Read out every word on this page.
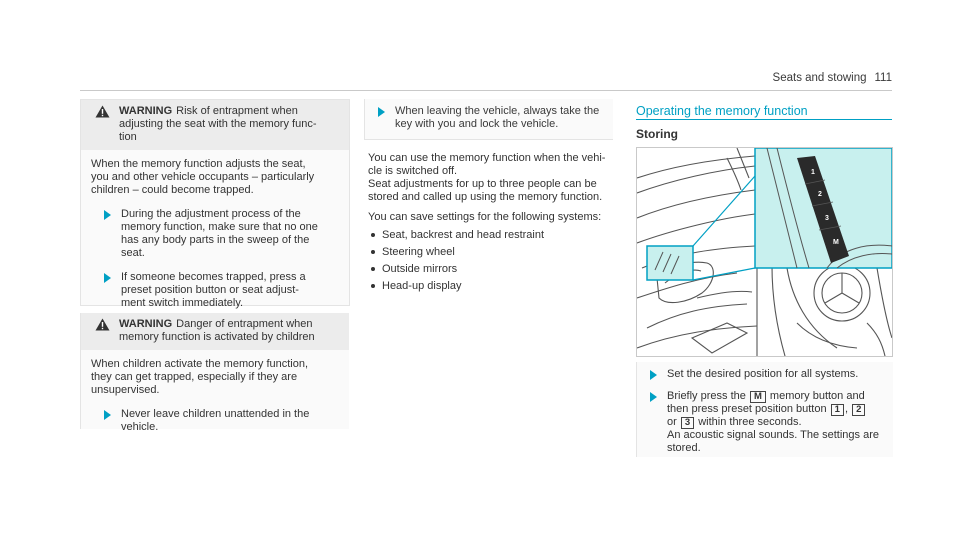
Seats and stowing 111
WARNING Risk of entrapment when
adjusting the seat with the memory func-
tion
When the memory function adjusts the seat,
you and other vehicle occupants – particularly
children – could become trapped.
During the adjustment process of the
memory function, make sure that no one
has any body parts in the sweep of the
seat.
If someone becomes trapped, press a
preset position button or seat adjust-
ment switch immediately.
WARNING Danger of entrapment when
memory function is activated by children
When children activate the memory function,
they can get trapped, especially if they are
unsupervised.
Never leave children unattended in the
vehicle.
When leaving the vehicle, always take the
key with you and lock the vehicle.

You can use the memory function when the vehi-
cle is switched off.
Seat adjustments for up to three people can be
stored and called up using the memory function.

You can save settings for the following systems:

Seat, backrest and head restraint
Steering wheel
Outside mirrors
Head-up display
Operating the memory function
Storing
1
2
3
M
Set the desired position for all systems.
Briefly press the M memory button and
then press preset position button 1 , 2
or 3 within three seconds.
An acoustic signal sounds. The settings are
stored.
